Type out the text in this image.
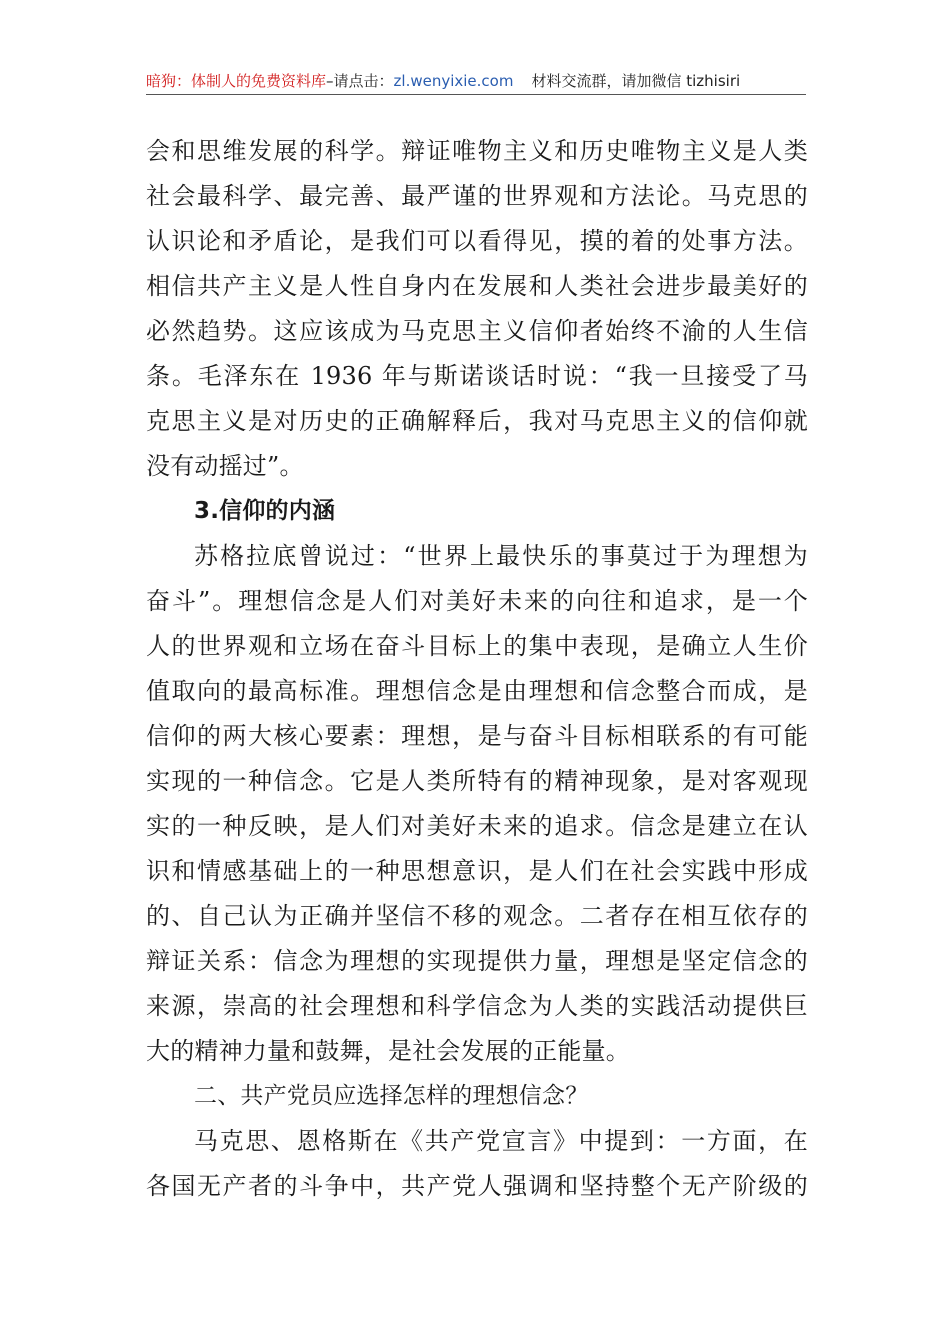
暗狗：体制人的免费资料库–请点击：zl.wenyixie.com 材料交流群，请加微信 tizhisiri
会和思维发展的科学。辩证唯物主义和历史唯物主义是人类
社会最科学、最完善、最严谨的世界观和方法论。马克思的
认识论和矛盾论，是我们可以看得见，摸的着的处事方法。
相信共产主义是人性自身内在发展和人类社会进步最美好的
必然趋势。这应该成为马克思主义信仰者始终不渝的人生信
条。毛泽东在 1936 年与斯诺谈话时说：“我一旦接受了马
克思主义是对历史的正确解释后，我对马克思主义的信仰就
没有动摇过”。
3.信仰的内涵
苏格拉底曾说过：“世界上最快乐的事莫过于为理想为
奋斗”。理想信念是人们对美好未来的向往和追求，是一个
人的世界观和立场在奋斗目标上的集中表现，是确立人生价
值取向的最高标准。理想信念是由理想和信念整合而成，是
信仰的两大核心要素：理想，是与奋斗目标相联系的有可能
实现的一种信念。它是人类所特有的精神现象，是对客观现
实的一种反映，是人们对美好未来的追求。信念是建立在认
识和情感基础上的一种思想意识，是人们在社会实践中形成
的、自己认为正确并坚信不移的观念。二者存在相互依存的
辩证关系：信念为理想的实现提供力量，理想是坚定信念的
来源，崇高的社会理想和科学信念为人类的实践活动提供巨
大的精神力量和鼓舞，是社会发展的正能量。
二、共产党员应选择怎样的理想信念？
马克思、恩格斯在《共产党宣言》中提到：一方面，在
各国无产者的斗争中，共产党人强调和坚持整个无产阶级的
